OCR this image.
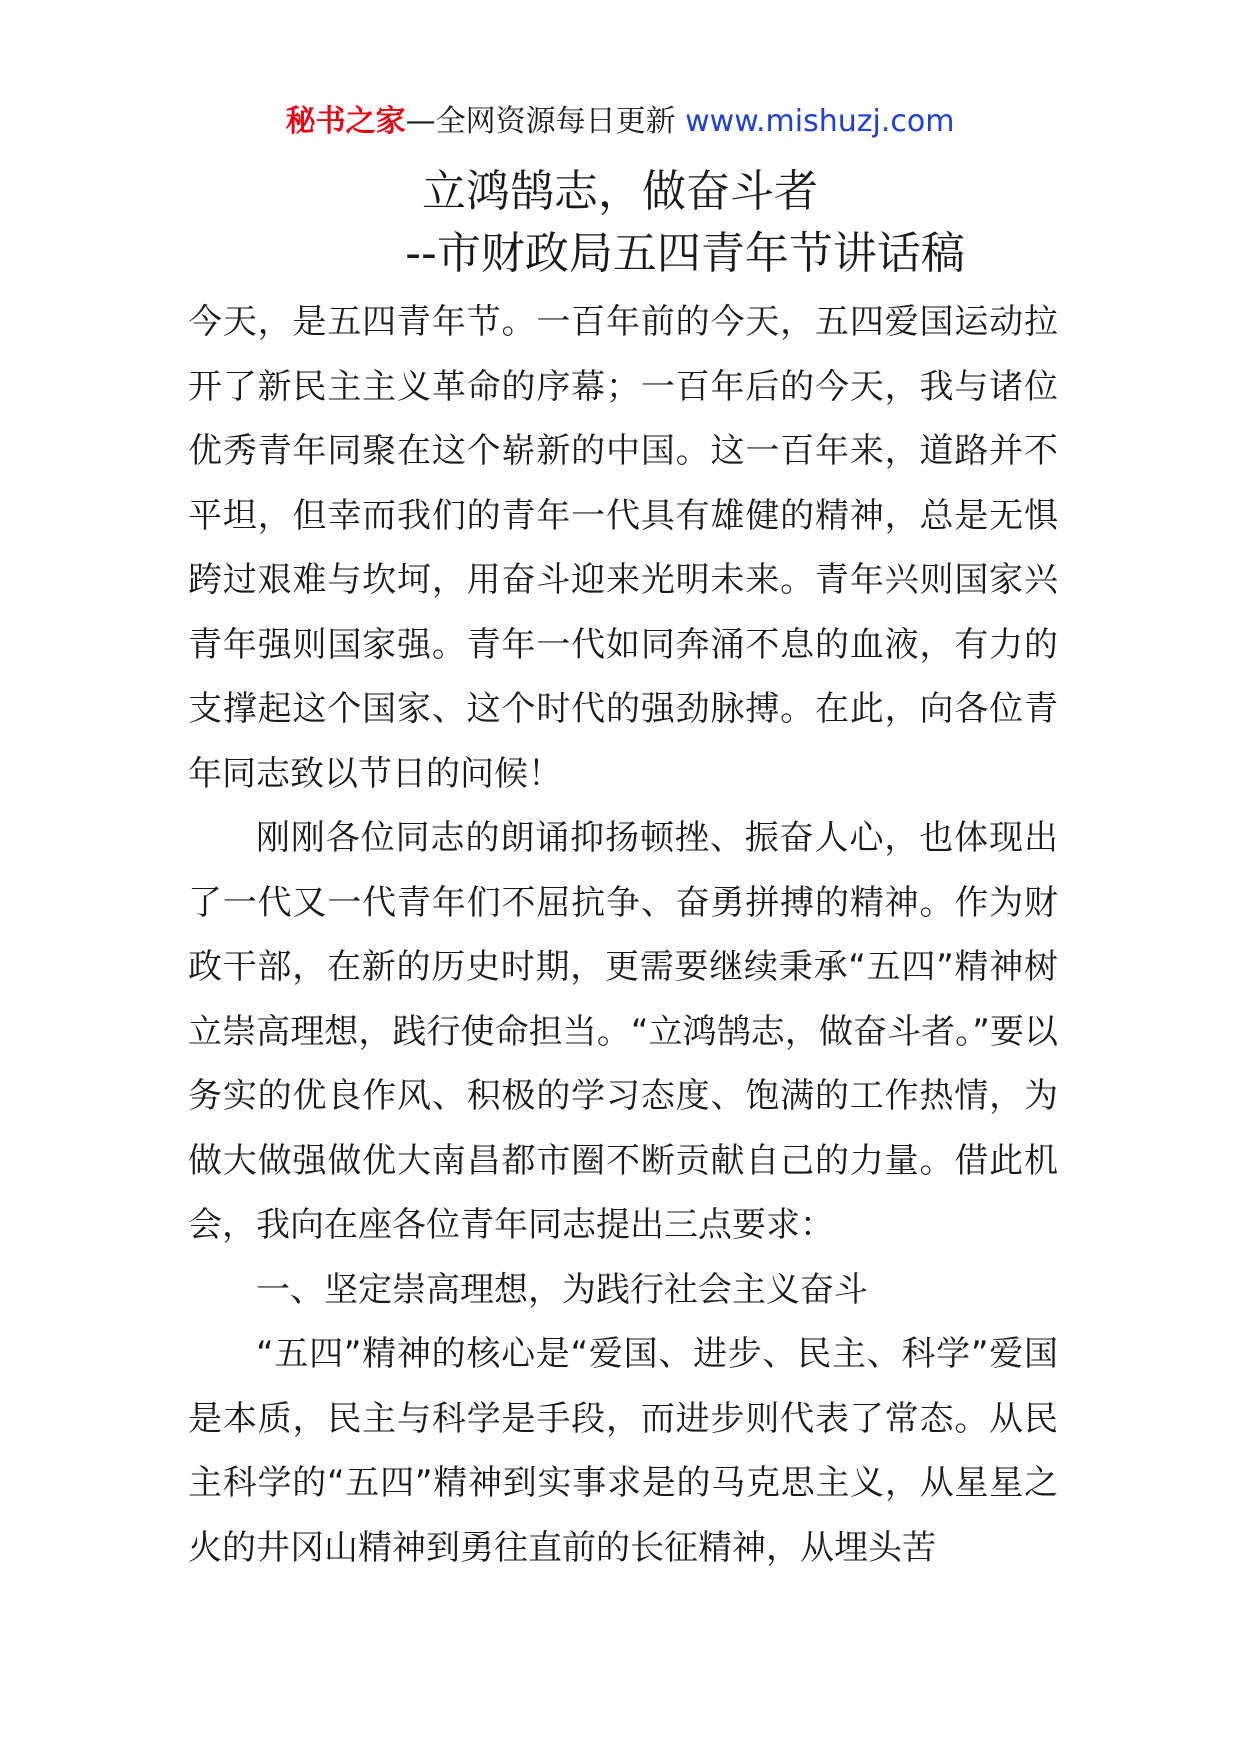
秘书之家—全网资源每日更新 www.mishuzj.com
立鸿鹄志，做奋斗者
--市财政局五四青年节讲话稿

今天，是五四青年节。一百年前的今天，五四爱国运动拉开了新民主主义革命的序幕；一百年后的今天，我与诸位优秀青年同聚在这个崭新的中国。这一百年来，道路并不平坦，但幸而我们的青年一代具有雄健的精神，总是无惧跨过艰难与坎坷，用奋斗迎来光明未来。青年兴则国家兴青年强则国家强。青年一代如同奔涌不息的血液，有力的支撑起这个国家、这个时代的强劲脉搏。在此，向各位青年同志致以节日的问候！

刚刚各位同志的朗诵抑扬顿挫、振奋人心，也体现出了一代又一代青年们不屈抗争、奋勇拼搏的精神。作为财政干部，在新的历史时期，更需要继续秉承“五四”精神树立崇高理想，践行使命担当。“立鸿鹄志，做奋斗者。”要以务实的优良作风、积极的学习态度、饱满的工作热情，为做大做强做优大南昌都市圈不断贡献自己的力量。借此机会，我向在座各位青年同志提出三点要求：

一、坚定崇高理想，为践行社会主义奋斗

“五四”精神的核心是“爱国、进步、民主、科学”爱国是本质，民主与科学是手段，而进步则代表了常态。从民主科学的“五四”精神到实事求是的马克思主义，从星星之火的井冈山精神到勇往直前的长征精神，从埋头苦
